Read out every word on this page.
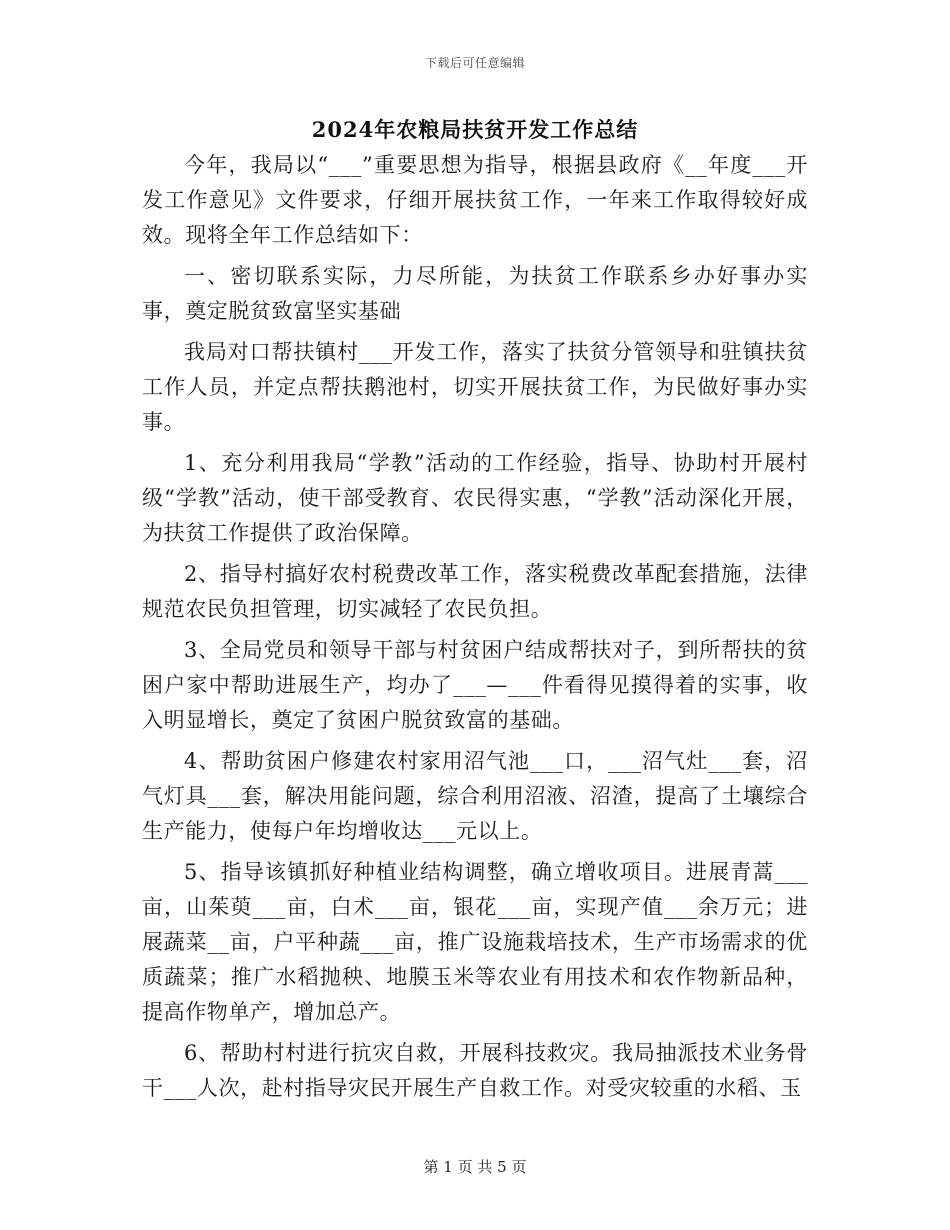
下载后可任意编辑
2024年农粮局扶贫开发工作总结

今年，我局以“___”重要思想为指导，根据县政府《__年度___开发工作意见》文件要求，仔细开展扶贫工作，一年来工作取得较好成效。现将全年工作总结如下：

一、密切联系实际，力尽所能，为扶贫工作联系乡办好事办实事，奠定脱贫致富坚实基础

我局对口帮扶镇村___开发工作，落实了扶贫分管领导和驻镇扶贫工作人员，并定点帮扶鹅池村，切实开展扶贫工作，为民做好事办实事。

1、充分利用我局“学教”活动的工作经验，指导、协助村开展村级“学教”活动，使干部受教育、农民得实惠，“学教”活动深化开展，为扶贫工作提供了政治保障。

2、指导村搞好农村税费改革工作，落实税费改革配套措施，法律规范农民负担管理，切实减轻了农民负担。

3、全局党员和领导干部与村贫困户结成帮扶对子，到所帮扶的贫困户家中帮助进展生产，均办了___—___件看得见摸得着的实事，收入明显增长，奠定了贫困户脱贫致富的基础。

4、帮助贫困户修建农村家用沼气池___口，___沼气灶___套，沼气灯具___套，解决用能问题，综合利用沼液、沼渣，提高了土壤综合生产能力，使每户年均增收达___元以上。

5、指导该镇抓好种植业结构调整，确立增收项目。进展青蒿___亩，山茱萸___亩，白术___亩，银花___亩，实现产值___余万元；进展蔬菜__亩，户平种蔬___亩，推广设施栽培技术，生产市场需求的优质蔬菜；推广水稻抛秧、地膜玉米等农业有用技术和农作物新品种，提高作物单产，增加总产。

6、帮助村村进行抗灾自救，开展科技救灾。我局抽派技术业务骨干___人次，赴村指导灾民开展生产自救工作。对受灾较重的水稻、玉

第 1 页 共 5 页
